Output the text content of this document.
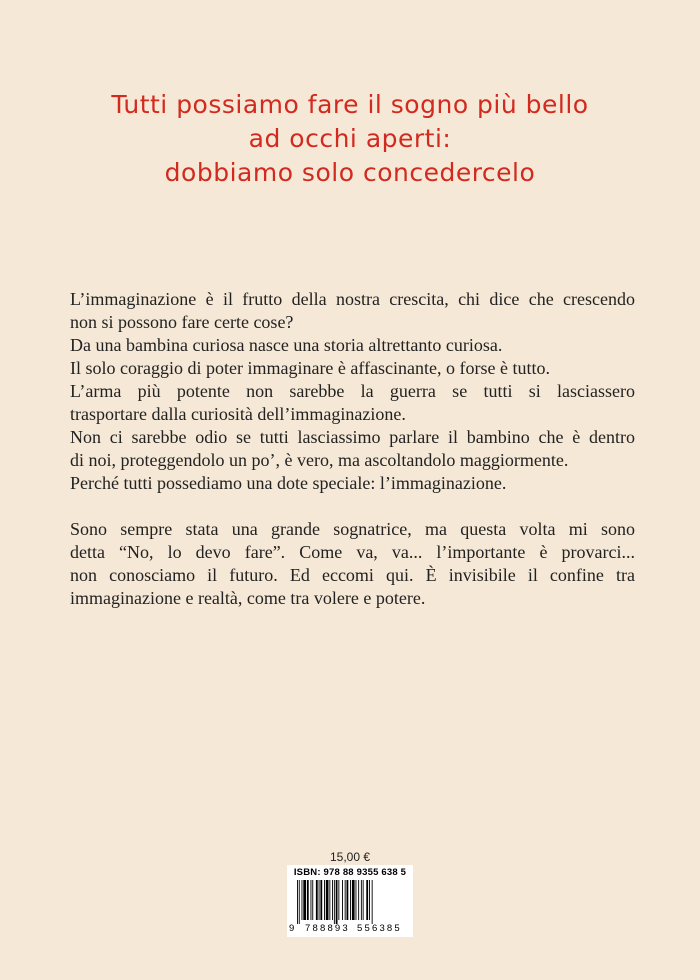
Tutti possiamo fare il sogno più bello
ad occhi aperti:
dobbiamo solo concedercelo
L’immaginazione è il frutto della nostra crescita, chi dice che crescendo
non si possono fare certe cose?
Da una bambina curiosa nasce una storia altrettanto curiosa.
Il solo coraggio di poter immaginare è affascinante, o forse è tutto.
L’arma più potente non sarebbe la guerra se tutti si lasciassero
trasportare dalla curiosità dell’immaginazione.
Non ci sarebbe odio se tutti lasciassimo parlare il bambino che è dentro
di noi, proteggendolo un po’, è vero, ma ascoltandolo maggiormente.
Perché tutti possediamo una dote speciale: l’immaginazione.
Sono sempre stata una grande sognatrice, ma questa volta mi sono
detta “No, lo devo fare”. Come va, va... l’importante è provarci...
non conosciamo il futuro. Ed eccomi qui. È invisibile il confine tra
immaginazione e realtà, come tra volere e potere.
15,00 €
ISBN: 978 88 9355 638 5
9 788893 556385
